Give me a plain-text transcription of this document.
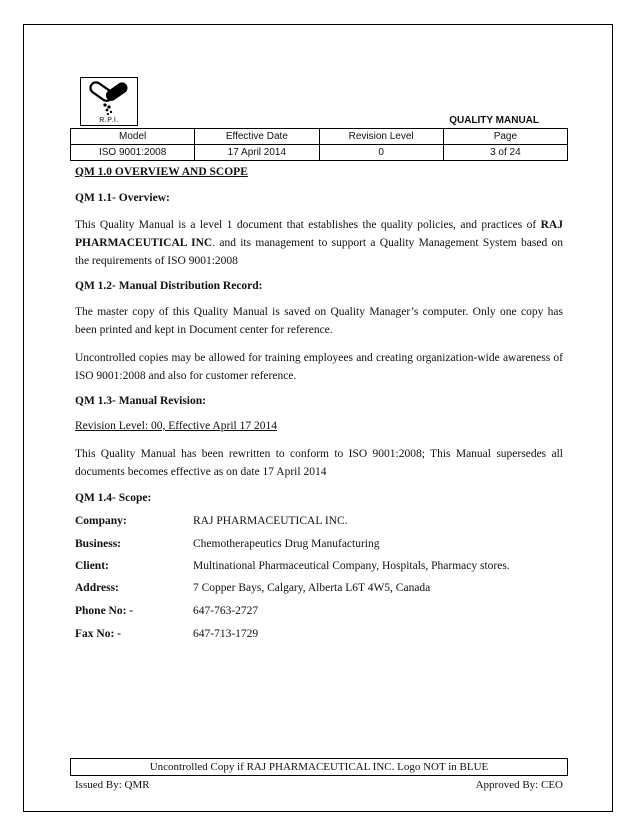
R.P.I.	QUALITY MANUAL
Model	Effective Date	Revision Level	Page
ISO 9001:2008	17 April 2014	0	3 of 24

QM 1.0 OVERVIEW AND SCOPE

QM 1.1- Overview:

This Quality Manual is a level 1 document that establishes the quality policies, and practices of RAJ PHARMACEUTICAL INC. and its management to support a Quality Management System based on the requirements of ISO 9001:2008

QM 1.2- Manual Distribution Record:

The master copy of this Quality Manual is saved on Quality Manager’s computer. Only one copy has been printed and kept in Document center for reference.

Uncontrolled copies may be allowed for training employees and creating organization-wide awareness of ISO 9001:2008 and also for customer reference.

QM 1.3- Manual Revision:

Revision Level: 00, Effective April 17 2014

This Quality Manual has been rewritten to conform to ISO 9001:2008; This Manual supersedes all documents becomes effective as on date 17 April 2014

QM 1.4- Scope:

Company:	RAJ PHARMACEUTICAL INC.
Business:	Chemotherapeutics Drug Manufacturing
Client:	Multinational Pharmaceutical Company, Hospitals, Pharmacy stores.
Address:	7 Copper Bays, Calgary, Alberta L6T 4W5, Canada
Phone No: -	647-763-2727
Fax No: -	647-713-1729
Uncontrolled Copy if RAJ PHARMACEUTICAL INC. Logo NOT in BLUE
Issued By: QMR	Approved By: CEO
